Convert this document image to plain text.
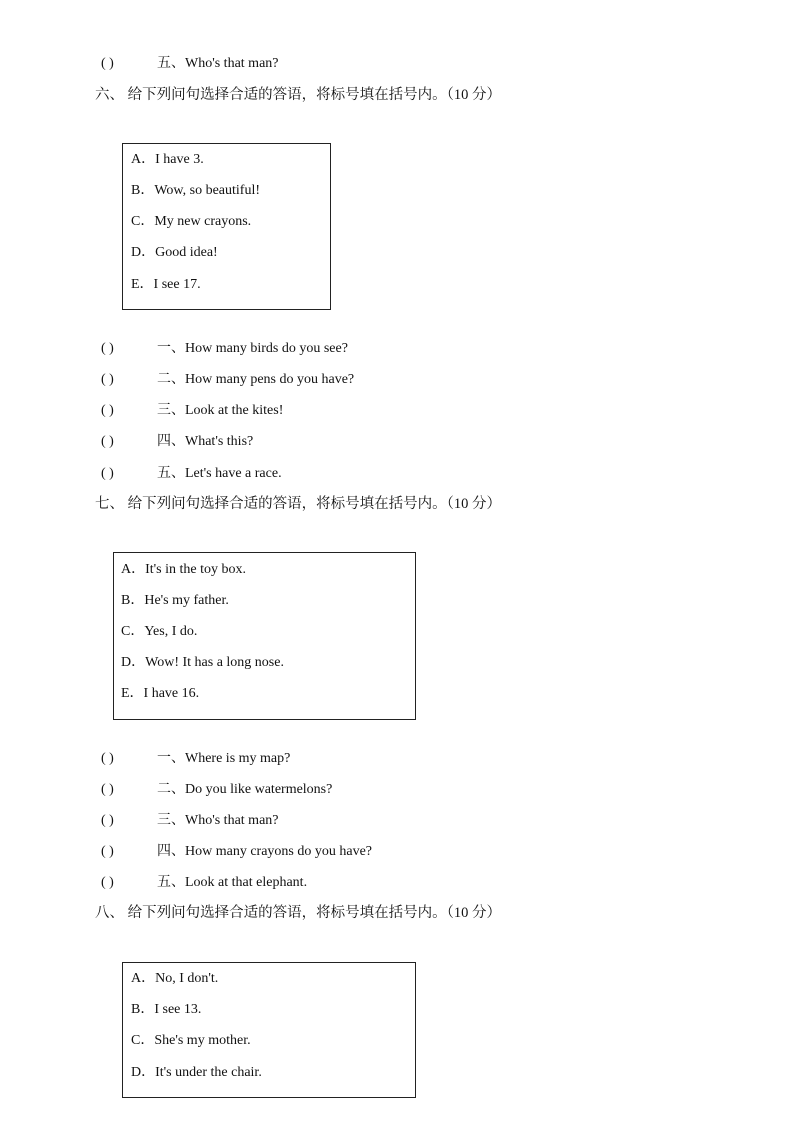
( )	五、Who's that man?
六、 给下列问句选择合适的答语，将标号填在括号内。（10 分）
A．I have 3.
B．Wow, so beautiful!
C．My new crayons.
D．Good idea!
E．I see 17.
( )	一、How many birds do you see?
( )	二、How many pens do you have?
( )	三、Look at the kites!
( )	四、What's this?
( )	五、Let's have a race.
七、 给下列问句选择合适的答语，将标号填在括号内。（10 分）
A．It's in the toy box.
B．He's my father.
C．Yes, I do.
D．Wow! It has a long nose.
E．I have 16.
( )	一、Where is my map?
( )	二、Do you like watermelons?
( )	三、Who's that man?
( )	四、How many crayons do you have?
( )	五、Look at that elephant.
八、 给下列问句选择合适的答语，将标号填在括号内。（10 分）
A．No, I don't.
B．I see 13.
C．She's my mother.
D．It's under the chair.
